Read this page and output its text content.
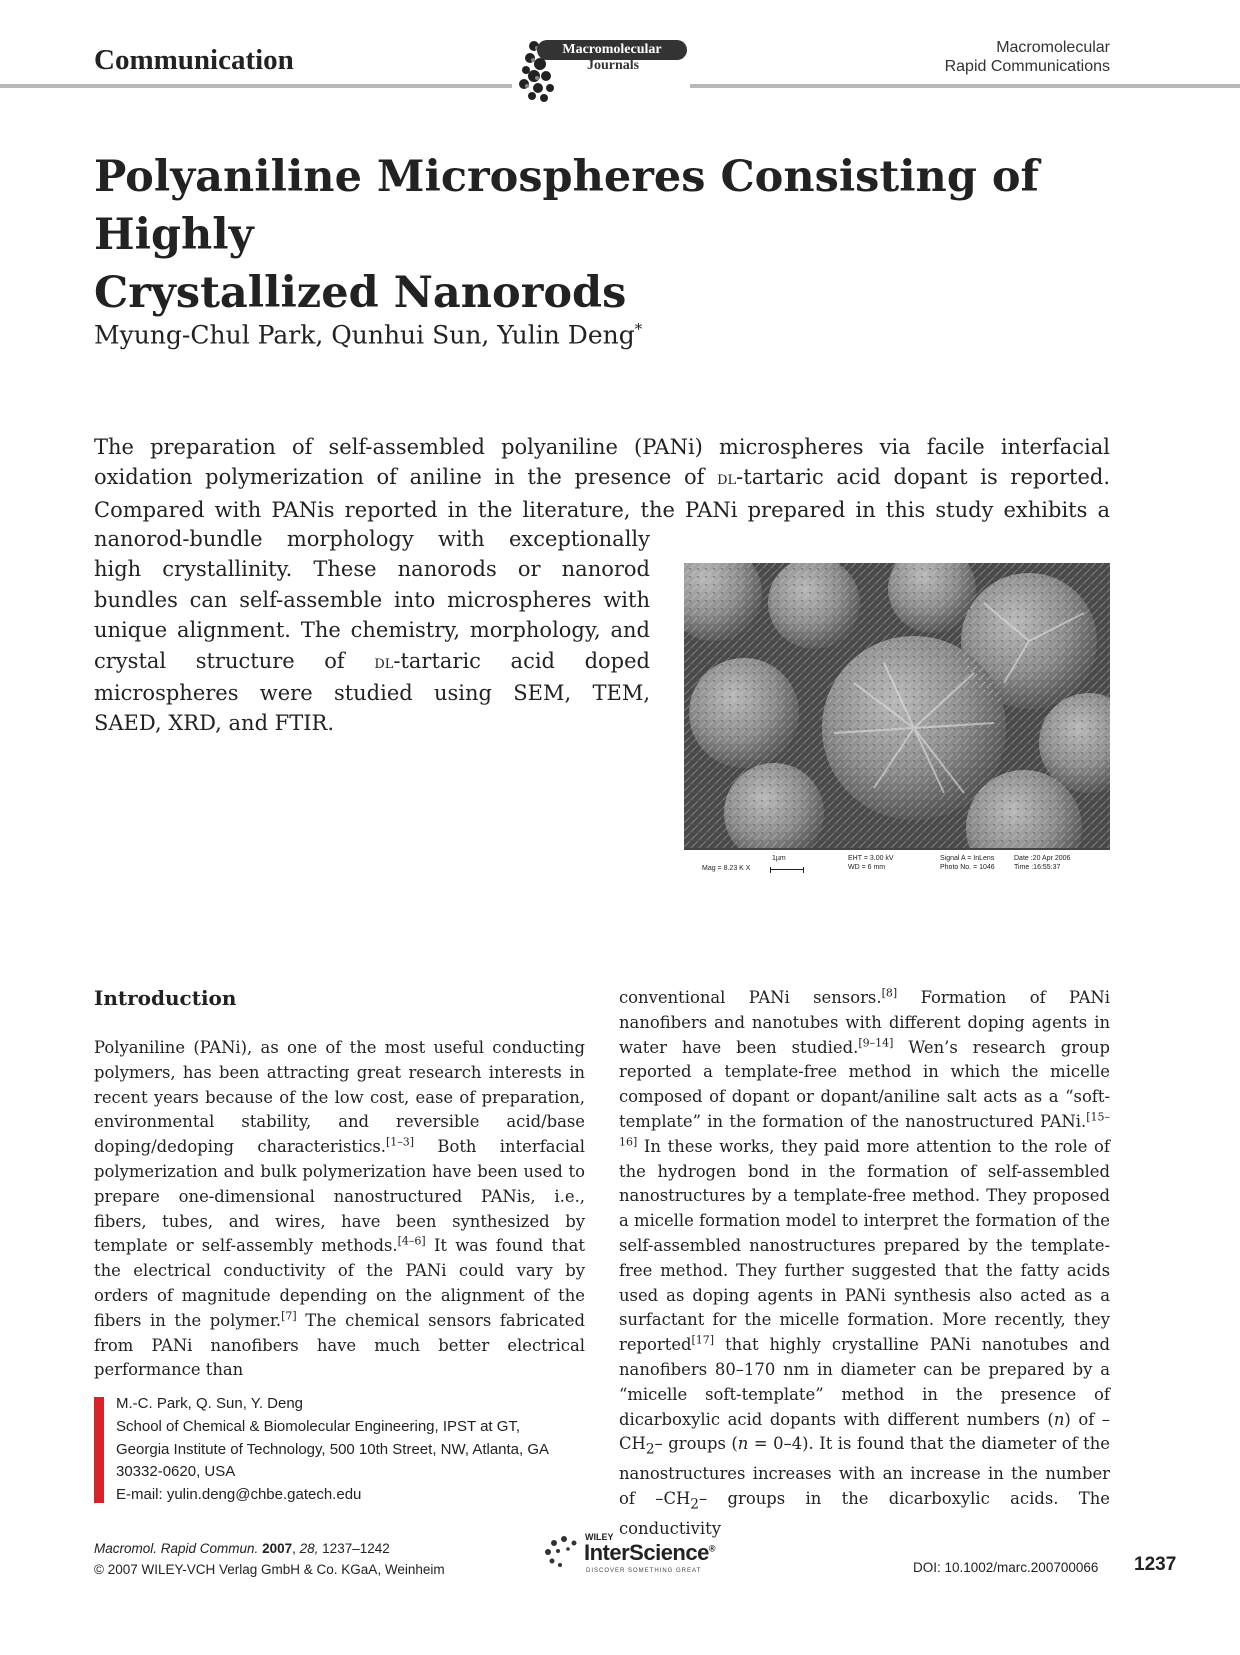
Communication	Macromolecular
Journals
Macromolecular
Rapid Communications
Polyaniline Microspheres Consisting of Highly
Crystallized Nanorods
Myung-Chul Park, Qunhui Sun, Yulin Deng*
The preparation of self-assembled polyaniline (PANi) microspheres via facile interfacial
oxidation polymerization of aniline in the presence of dl-tartaric acid dopant is reported.
Compared with PANis reported in the literature, the PANi prepared in this study exhibits a

nanorod-bundle morphology with exceptionally high crystallinity. These nanorods or nanorod bundles can self-assemble into microspheres with unique alignment. The chemistry, morphology, and crystal structure of dl-tartaric acid doped microspheres were studied using SEM, TEM, SAED, XRD, and FTIR.

Mag = 8.23 K X
1µm	EHT = 3.00 kV
WD = 6 mm
Signal A = InLens
Photo No. = 1046
Date :20 Apr 2006
Time :16:55:37
Introduction

Polyaniline (PANi), as one of the most useful conducting polymers, has been attracting great research interests in recent years because of the low cost, ease of preparation, environmental stability, and reversible acid/base doping/dedoping characteristics.[1–3] Both interfacial polymerization and bulk polymerization have been used to prepare one-dimensional nanostructured PANis, i.e., fibers, tubes, and wires, have been synthesized by template or self-assembly methods.[4–6] It was found that the electrical conductivity of the PANi could vary by orders of magnitude depending on the alignment of the fibers in the polymer.[7] The chemical sensors fabricated from PANi nanofibers have much better electrical performance than

conventional PANi sensors.[8] Formation of PANi nanofibers and nanotubes with different doping agents in water have been studied.[9–14] Wen’s research group reported a template-free method in which the micelle composed of dopant or dopant/aniline salt acts as a “soft-template” in the formation of the nanostructured PANi.[15–16] In these works, they paid more attention to the role of the hydrogen bond in the formation of self-assembled nanostructures by a template-free method. They proposed a micelle formation model to interpret the formation of the self-assembled nanostructures prepared by the template-free method. They further suggested that the fatty acids used as doping agents in PANi synthesis also acted as a surfactant for the micelle formation. More recently, they reported[17] that highly crystalline PANi nanotubes and nanofibers 80–170 nm in diameter can be prepared by a “micelle soft-template” method in the presence of dicarboxylic acid dopants with different numbers (n) of $-CH_2-$ groups (n = 0–4). It is found that the diameter of the nanostructures increases with an increase in the number of $-CH_2-$ groups in the dicarboxylic acids. The conductivity

M.-C. Park, Q. Sun, Y. Deng
School of Chemical & Biomolecular Engineering, IPST at GT,
Georgia Institute of Technology, 500 10th Street, NW, Atlanta, GA
30332-0620, USA
E-mail: yulin.deng@chbe.gatech.edu
Macromol. Rapid Commun. 2007, 28, 1237–1242
© 2007 WILEY-VCH Verlag GmbH & Co. KGaA, Weinheim
WILEY
InterScience®
DISCOVER SOMETHING GREAT	DOI: 10.1002/marc.200700066 1237
